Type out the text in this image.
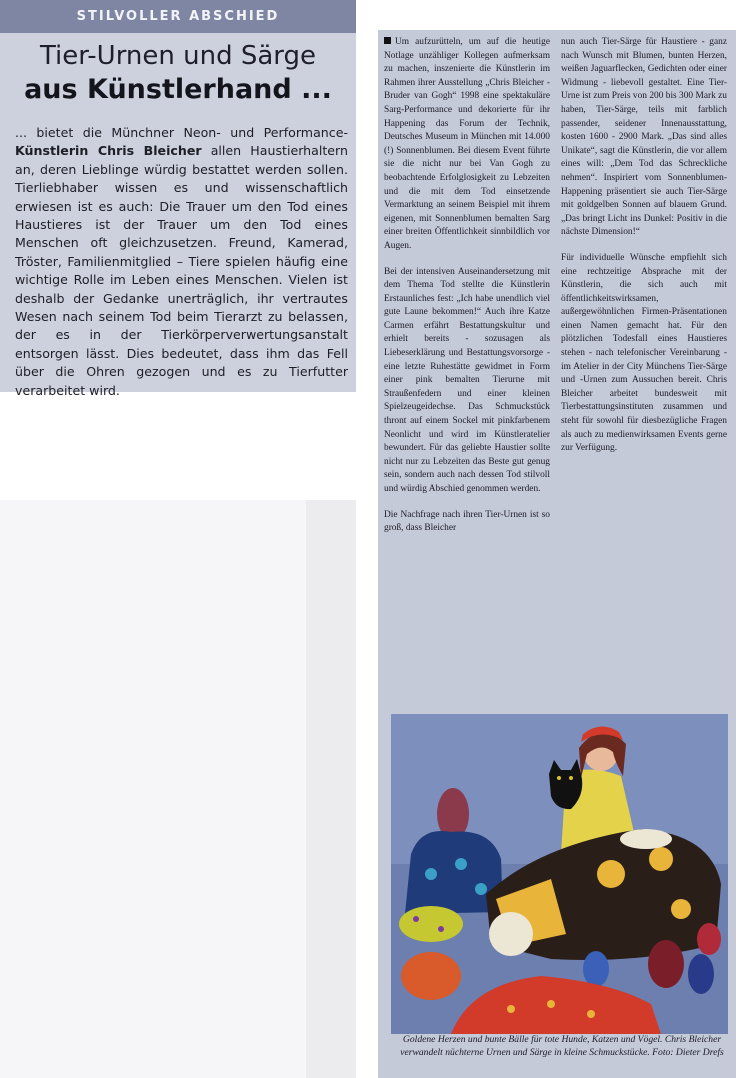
STILVOLLER ABSCHIED
Tier-Urnen und Särge
aus Künstlerhand ...

... bietet die Münchner Neon- und Performance-Künstlerin Chris Bleicher allen Haustierhaltern an, deren Lieblinge würdig bestattet werden sollen. Tierliebhaber wissen es und wissenschaftlich erwiesen ist es auch: Die Trauer um den Tod eines Haustieres ist der Trauer um den Tod eines Menschen oft gleichzusetzen. Freund, Kamerad, Tröster, Familienmitglied – Tiere spielen häufig eine wichtige Rolle im Leben eines Menschen. Vielen ist deshalb der Gedanke unerträglich, ihr vertrautes Wesen nach seinem Tod beim Tierarzt zu belassen, der es in der Tierkörperverwertungsanstalt entsorgen lässt. Dies bedeutet, dass ihm das Fell über die Ohren gezogen und es zu Tierfutter verarbeitet wird.

Um aufzurütteln, um auf die heutige Notlage unzähliger Kollegen aufmerksam zu machen, inszenierte die Künstlerin im Rahmen ihrer Ausstellung „Chris Bleicher - Bruder van Gogh“ 1998 eine spektakuläre Sarg-Performance und dekorierte für ihr Happening das Forum der Technik, Deutsches Museum in München mit 14.000 (!) Sonnenblumen. Bei diesem Event führte sie die nicht nur bei Van Gogh zu beobachtende Erfolglosigkeit zu Lebzeiten und die mit dem Tod einsetzende Vermarktung an seinem Beispiel mit ihrem eigenen, mit Sonnenblumen bemalten Sarg einer breiten Öffentlichkeit sinnbildlich vor Augen.

Bei der intensiven Auseinandersetzung mit dem Thema Tod stellte die Künstlerin Erstaunliches fest: „Ich habe unendlich viel gute Laune bekommen!“ Auch ihre Katze Carmen erfährt Bestattungskultur und erhielt bereits - sozusagen als Liebeserklärung und Bestattungsvorsorge - eine letzte Ruhestätte gewidmet in Form einer pink bemalten Tierurne mit Straußenfedern und einer kleinen Spielzeugeidechse. Das Schmuckstück thront auf einem Sockel mit pinkfarbenem Neonlicht und wird im Künstleratelier bewundert. Für das geliebte Haustier sollte nicht nur zu Lebzeiten das Beste gut genug sein, sondern auch nach dessen Tod stilvoll und würdig Abschied genommen werden.

Die Nachfrage nach ihren Tier-Urnen ist so groß, dass Bleicher

nun auch Tier-Särge für Haustiere - ganz nach Wunsch mit Blumen, bunten Herzen, weißen Jaguarflecken, Gedichten oder einer Widmung - liebevoll gestaltet. Eine Tier-Urne ist zum Preis von 200 bis 300 Mark zu haben, Tier-Särge, teils mit farblich passender, seidener Innenausstattung, kosten 1600 - 2900 Mark. „Das sind alles Unikate“, sagt die Künstlerin, die vor allem eines will: „Dem Tod das Schreckliche nehmen“. Inspiriert vom Sonnenblumen-Happening präsentiert sie auch Tier-Särge mit goldgelben Sonnen auf blauem Grund. „Das bringt Licht ins Dunkel: Positiv in die nächste Dimension!“

Für individuelle Wünsche empfiehlt sich eine rechtzeitige Absprache mit der Künstlerin, die sich auch mit öffentlichkeitswirksamen, außergewöhnlichen Firmen-Präsentationen einen Namen gemacht hat. Für den plötzlichen Todesfall eines Haustieres stehen - nach telefonischer Vereinbarung - im Atelier in der City Münchens Tier-Särge und -Urnen zum Aussuchen bereit. Chris Bleicher arbeitet bundesweit mit Tierbestattungsinstituten zusammen und steht für sowohl für diesbezügliche Fragen als auch zu medienwirksamen Events gerne zur Verfügung.

Goldene Herzen und bunte Bälle für tote Hunde, Katzen und Vögel. Chris Bleicher verwandelt nüchterne Urnen und Särge in kleine Schmuckstücke. Foto: Dieter Drefs
